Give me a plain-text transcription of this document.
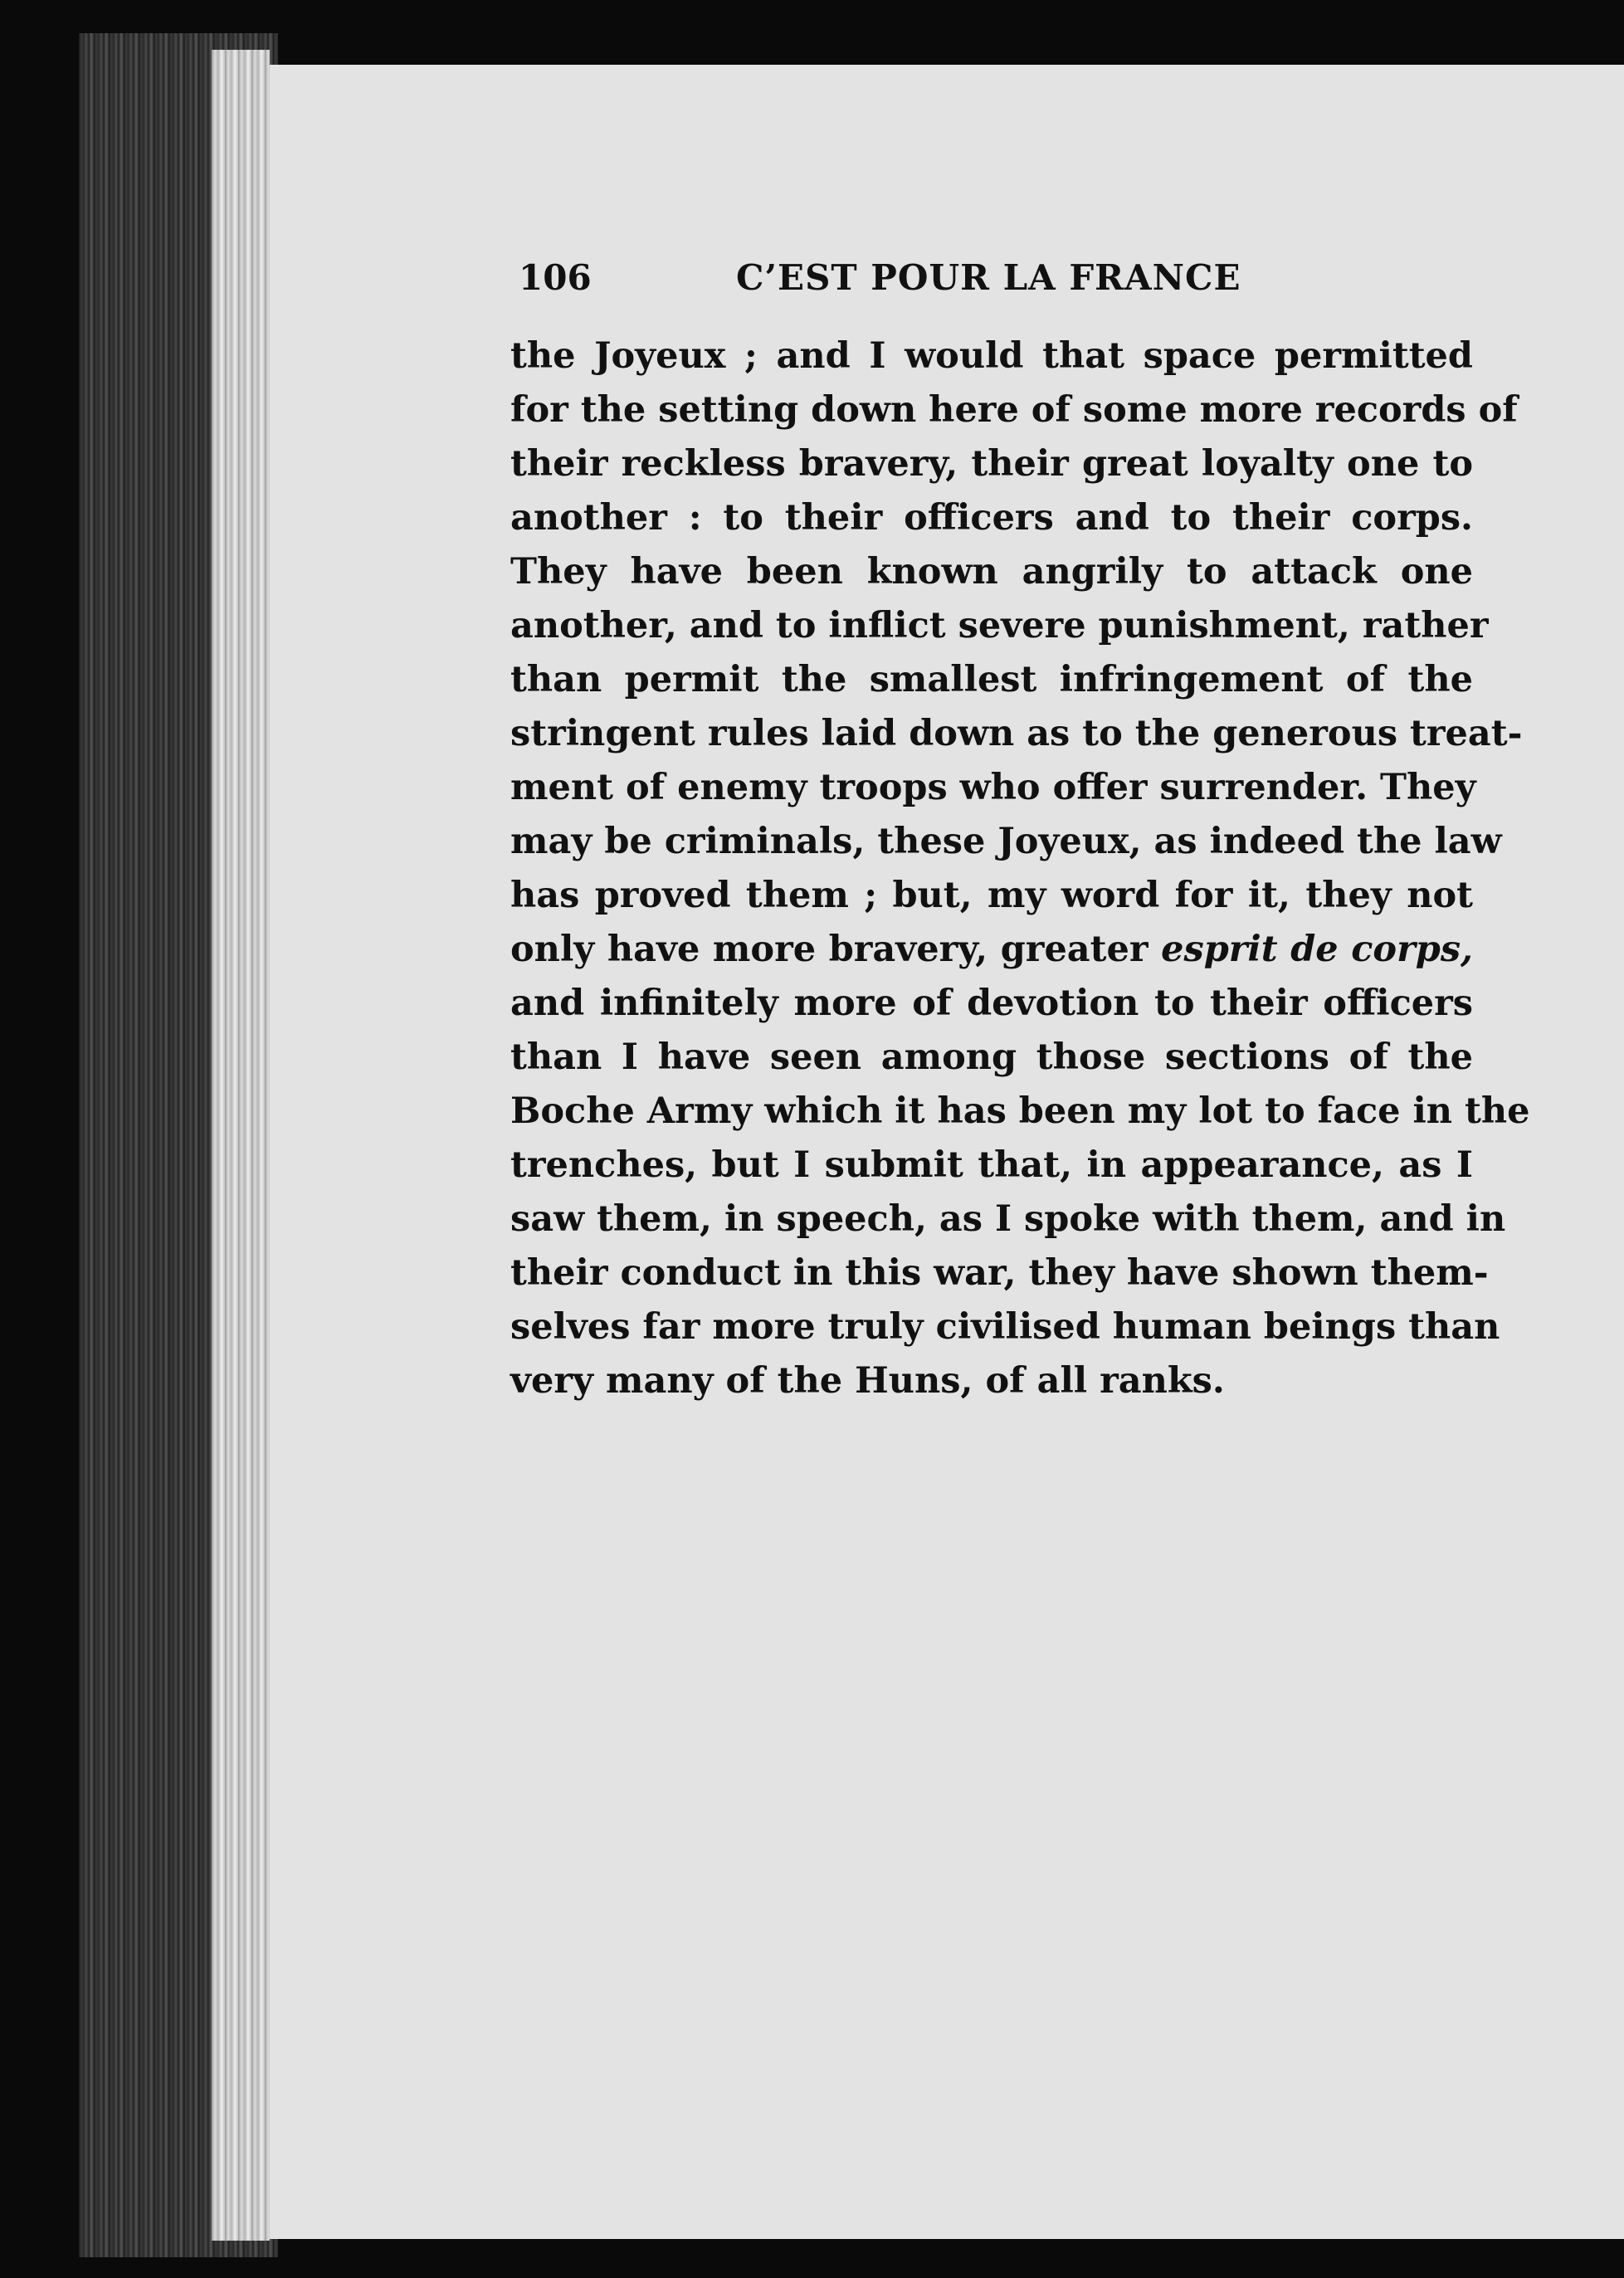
106	C’EST POUR LA FRANCE
the Joyeux ; and I would that space permitted
for the setting down here of some more records of
their reckless bravery, their great loyalty one to
another : to their officers and to their corps.
They have been known angrily to attack one
another, and to inflict severe punishment, rather
than permit the smallest infringement of the
stringent rules laid down as to the generous treat-
ment of enemy troops who offer surrender. They
may be criminals, these Joyeux, as indeed the law
has proved them ; but, my word for it, they not
only have more bravery, greater esprit de corps,
and infinitely more of devotion to their officers
than I have seen among those sections of the
Boche Army which it has been my lot to face in the
trenches, but I submit that, in appearance, as I
saw them, in speech, as I spoke with them, and in
their conduct in this war, they have shown them-
selves far more truly civilised human beings than
very many of the Huns, of all ranks.
